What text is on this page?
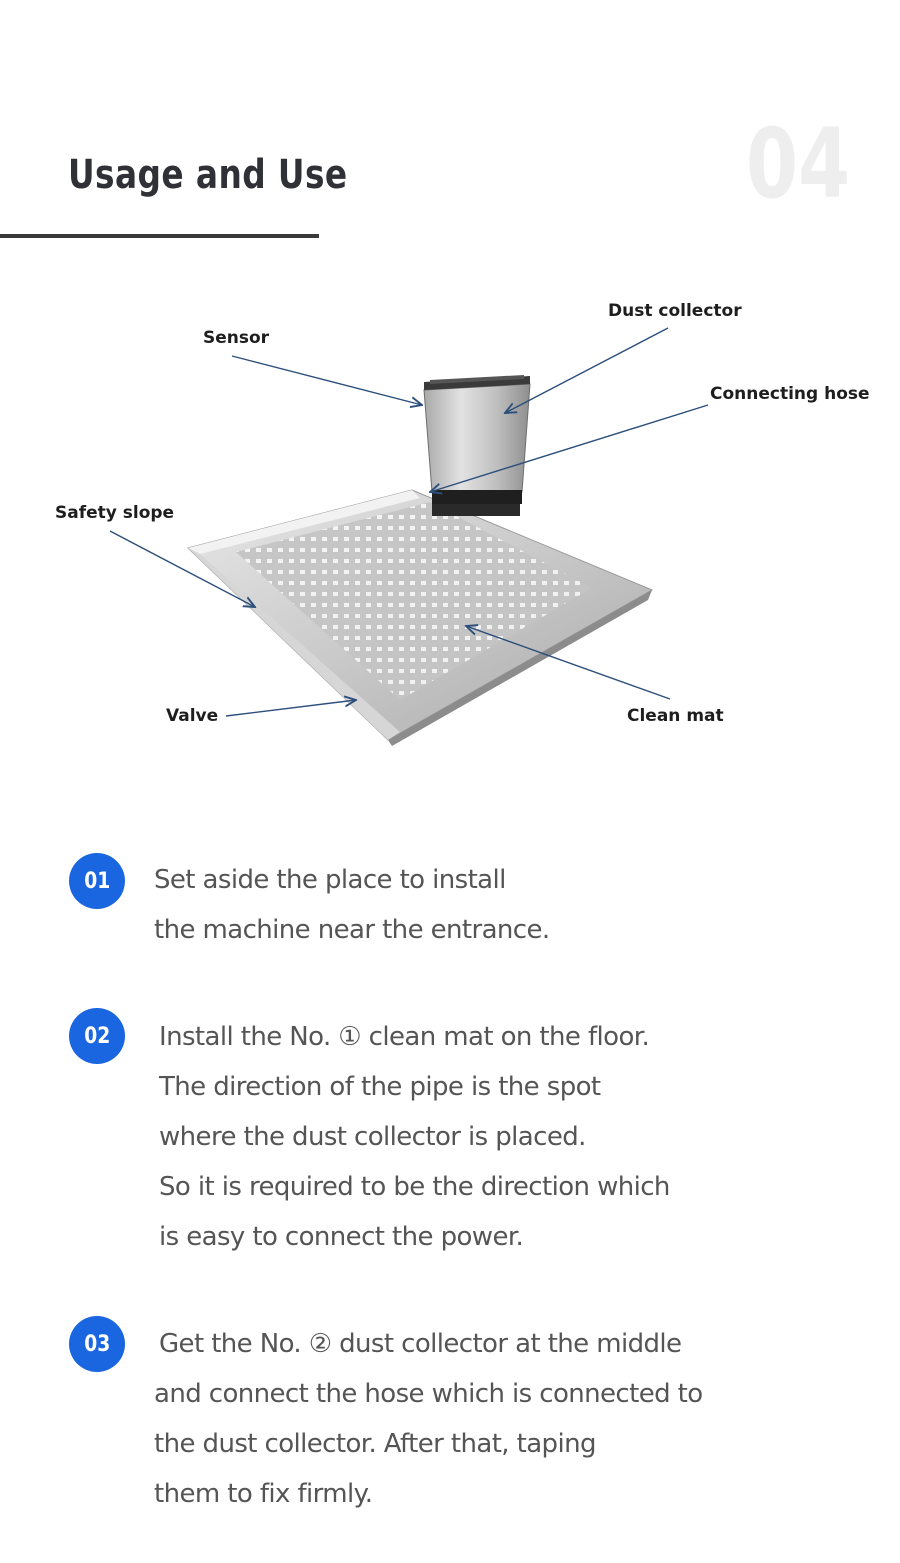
Usage and Use	04
Dust collector
Sensor
Connecting hose
Safety slope
Valve	Clean mat
01 Set aside the place to install
the machine near the entrance.
02 Install the No. ① clean mat on the floor.
The direction of the pipe is the spot
where the dust collector is placed.
So it is required to be the direction which
is easy to connect the power.
03 Get the No. ② dust collector at the middle
and connect the hose which is connected to
the dust collector. After that, taping
them to fix firmly.
